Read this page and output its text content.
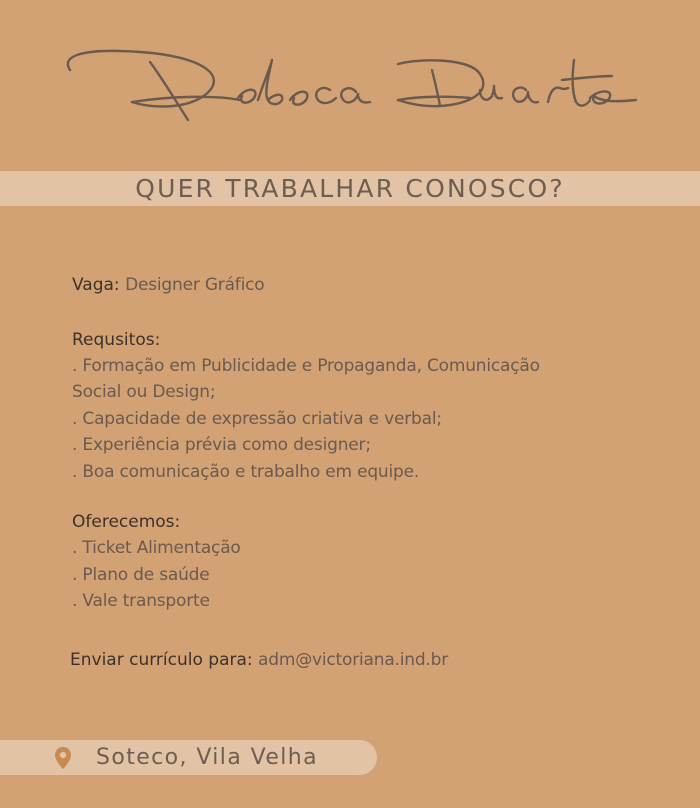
QUER TRABALHAR CONOSCO?
Vaga: Designer Gráfico
Requsitos:
. Formação em Publicidade e Propaganda, Comunicação
Social ou Design;
. Capacidade de expressão criativa e verbal;
. Experiência prévia como designer;
. Boa comunicação e trabalho em equipe.
Oferecemos:
. Ticket Alimentação
. Plano de saúde
. Vale transporte
Enviar currículo para: adm@victoriana.ind.br
Soteco, Vila Velha
